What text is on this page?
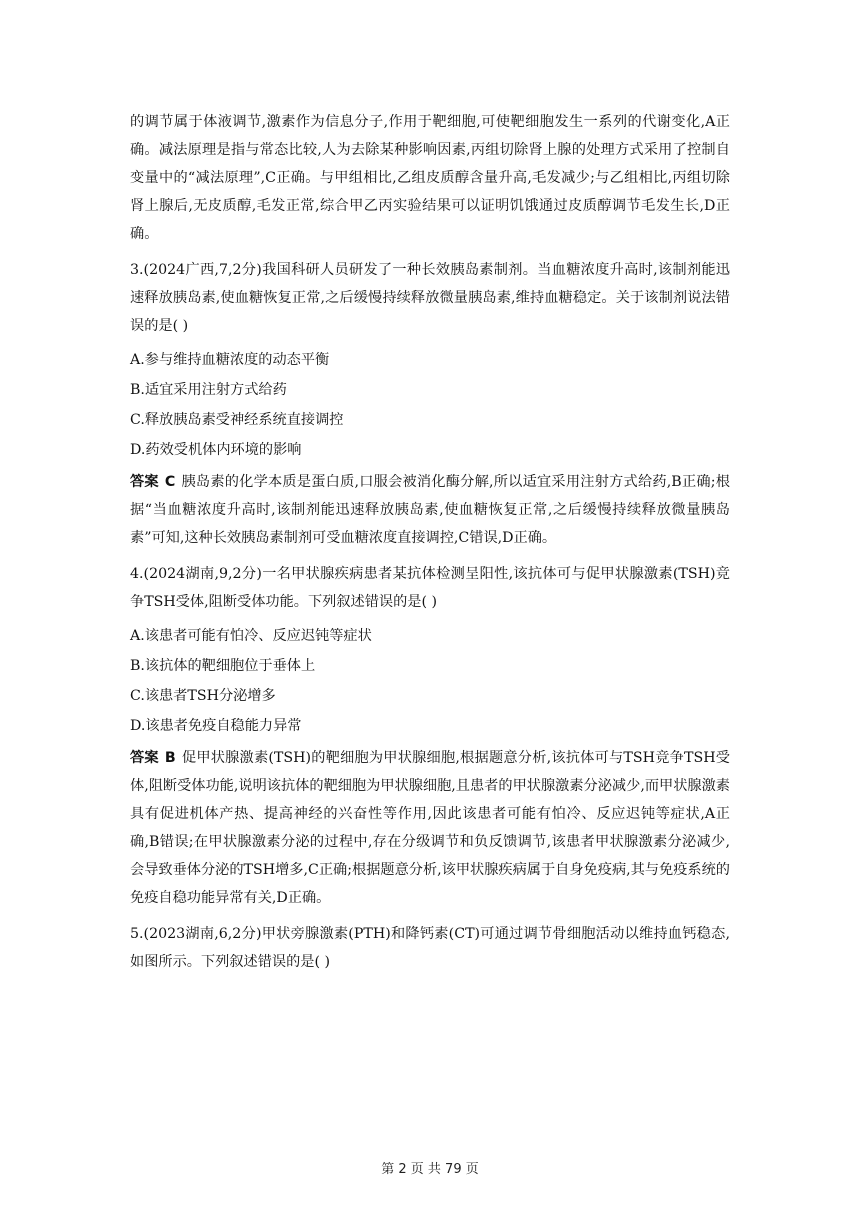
的调节属于体液调节,激素作为信息分子,作用于靶细胞,可使靶细胞发生一系列的代谢变化,A正确。减法原理是指与常态比较,人为去除某种影响因素,丙组切除肾上腺的处理方式采用了控制自变量中的“减法原理”,C正确。与甲组相比,乙组皮质醇含量升高,毛发减少;与乙组相比,丙组切除肾上腺后,无皮质醇,毛发正常,综合甲乙丙实验结果可以证明饥饿通过皮质醇调节毛发生长,D正确。

3.(2024广西,7,2分)我国科研人员研发了一种长效胰岛素制剂。当血糖浓度升高时,该制剂能迅速释放胰岛素,使血糖恢复正常,之后缓慢持续释放微量胰岛素,维持血糖稳定。关于该制剂说法错误的是( )

A.参与维持血糖浓度的动态平衡

B.适宜采用注射方式给药

C.释放胰岛素受神经系统直接调控

D.药效受机体内环境的影响

答案 C 胰岛素的化学本质是蛋白质,口服会被消化酶分解,所以适宜采用注射方式给药,B正确;根据“当血糖浓度升高时,该制剂能迅速释放胰岛素,使血糖恢复正常,之后缓慢持续释放微量胰岛素”可知,这种长效胰岛素制剂可受血糖浓度直接调控,C错误,D正确。

4.(2024湖南,9,2分)一名甲状腺疾病患者某抗体检测呈阳性,该抗体可与促甲状腺激素(TSH)竞争TSH受体,阻断受体功能。下列叙述错误的是( )

A.该患者可能有怕冷、反应迟钝等症状

B.该抗体的靶细胞位于垂体上

C.该患者TSH分泌增多

D.该患者免疫自稳能力异常

答案 B 促甲状腺激素(TSH)的靶细胞为甲状腺细胞,根据题意分析,该抗体可与TSH竞争TSH受体,阻断受体功能,说明该抗体的靶细胞为甲状腺细胞,且患者的甲状腺激素分泌减少,而甲状腺激素具有促进机体产热、提高神经的兴奋性等作用,因此该患者可能有怕冷、反应迟钝等症状,A正确,B错误;在甲状腺激素分泌的过程中,存在分级调节和负反馈调节,该患者甲状腺激素分泌减少,会导致垂体分泌的TSH增多,C正确;根据题意分析,该甲状腺疾病属于自身免疫病,其与免疫系统的免疫自稳功能异常有关,D正确。

5.(2023湖南,6,2分)甲状旁腺激素(PTH)和降钙素(CT)可通过调节骨细胞活动以维持血钙稳态,如图所示。下列叙述错误的是( )

第 2 页 共 79 页
